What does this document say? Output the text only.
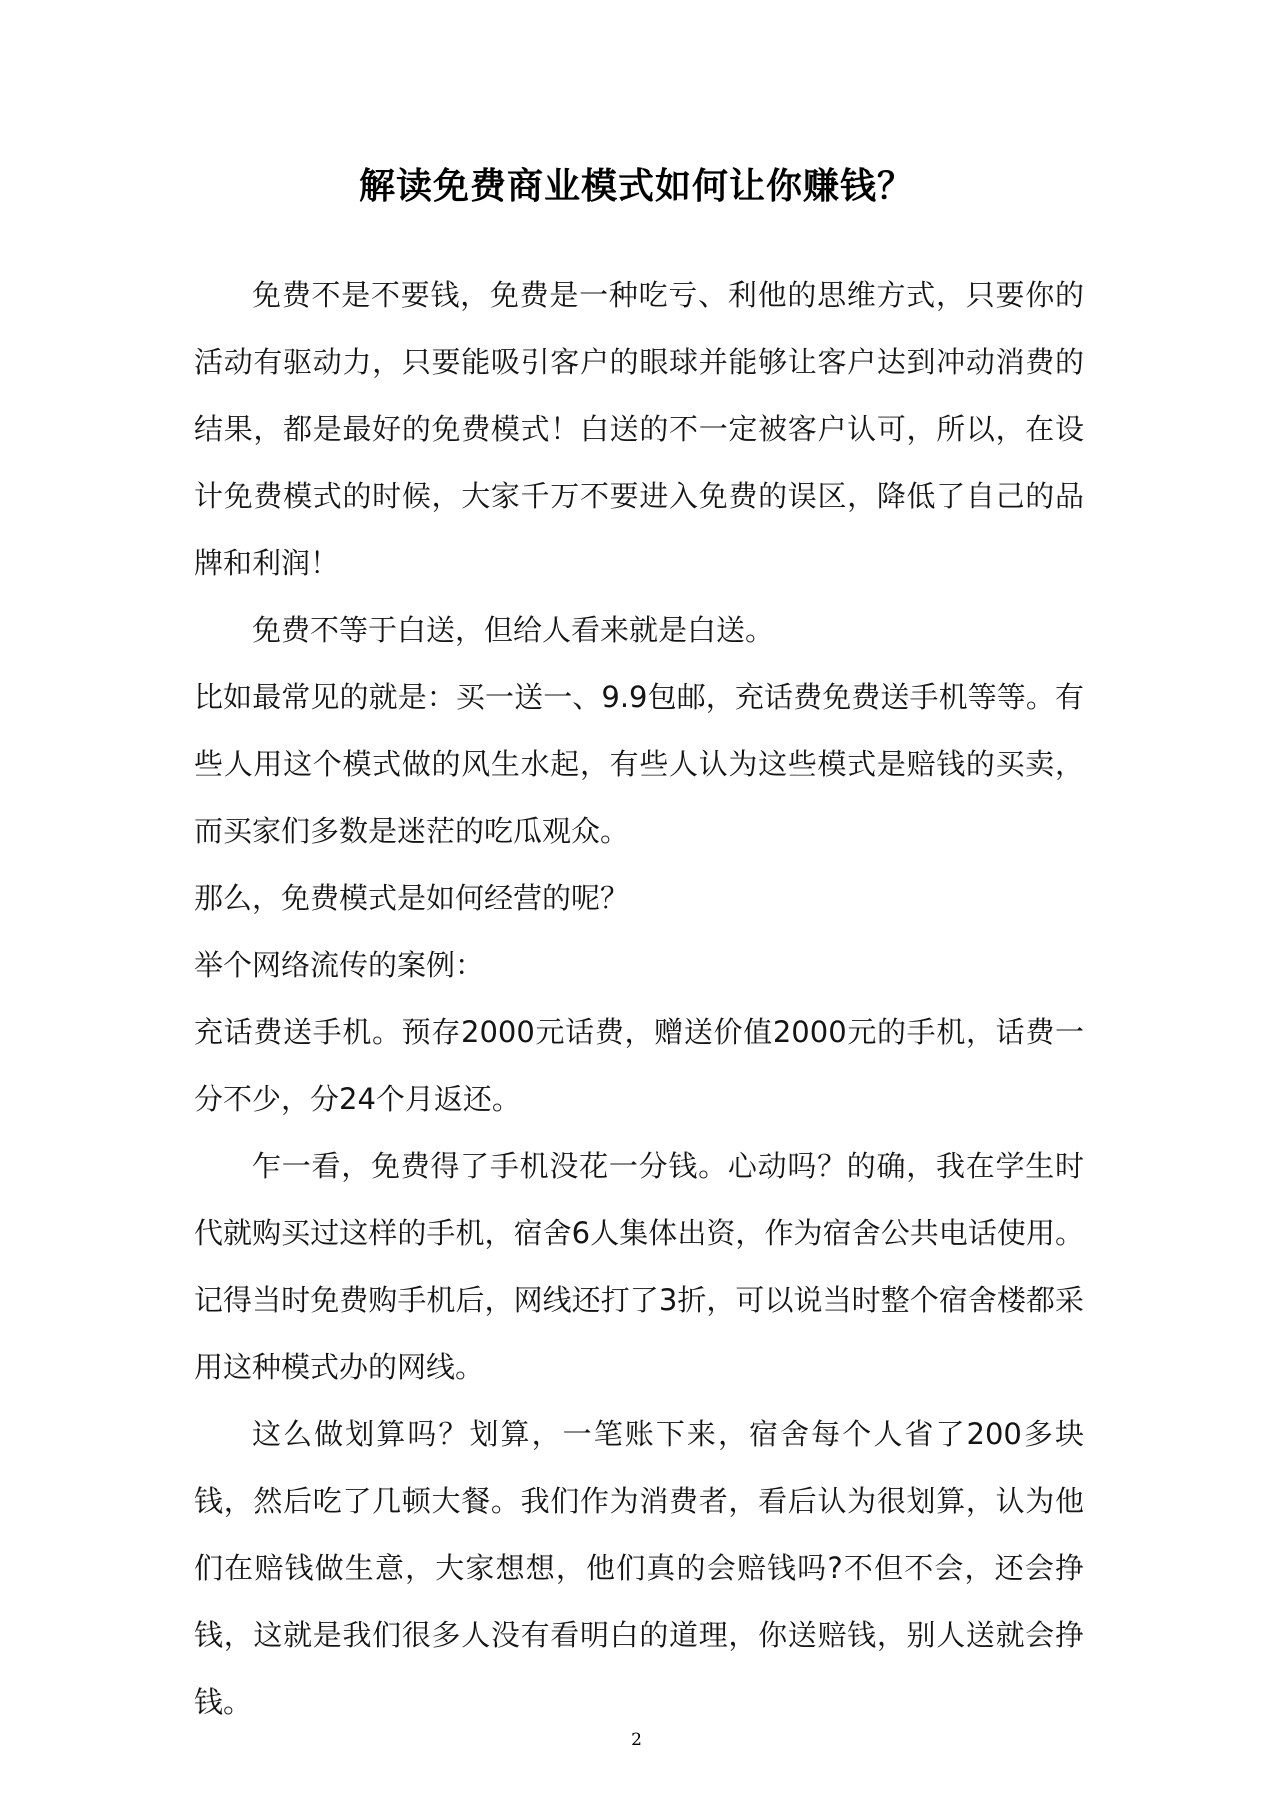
解读免费商业模式如何让你赚钱？

免费不是不要钱，免费是一种吃亏、利他的思维方式，只要你的活动有驱动力，只要能吸引客户的眼球并能够让客户达到冲动消费的结果，都是最好的免费模式！白送的不一定被客户认可，所以，在设计免费模式的时候，大家千万不要进入免费的误区，降低了自己的品牌和利润！

免费不等于白送，但给人看来就是白送。

比如最常见的就是：买一送一、9.9包邮，充话费免费送手机等等。有些人用这个模式做的风生水起，有些人认为这些模式是赔钱的买卖，而买家们多数是迷茫的吃瓜观众。

那么，免费模式是如何经营的呢？

举个网络流传的案例：

充话费送手机。预存2000元话费，赠送价值2000元的手机，话费一分不少，分24个月返还。

乍一看，免费得了手机没花一分钱。心动吗？的确，我在学生时代就购买过这样的手机，宿舍6人集体出资，作为宿舍公共电话使用。记得当时免费购手机后，网线还打了3折，可以说当时整个宿舍楼都采用这种模式办的网线。

这么做划算吗？划算，一笔账下来，宿舍每个人省了200多块钱，然后吃了几顿大餐。我们作为消费者，看后认为很划算，认为他们在赔钱做生意，大家想想，他们真的会赔钱吗?不但不会，还会挣钱，这就是我们很多人没有看明白的道理，你送赔钱，别人送就会挣钱。

2
